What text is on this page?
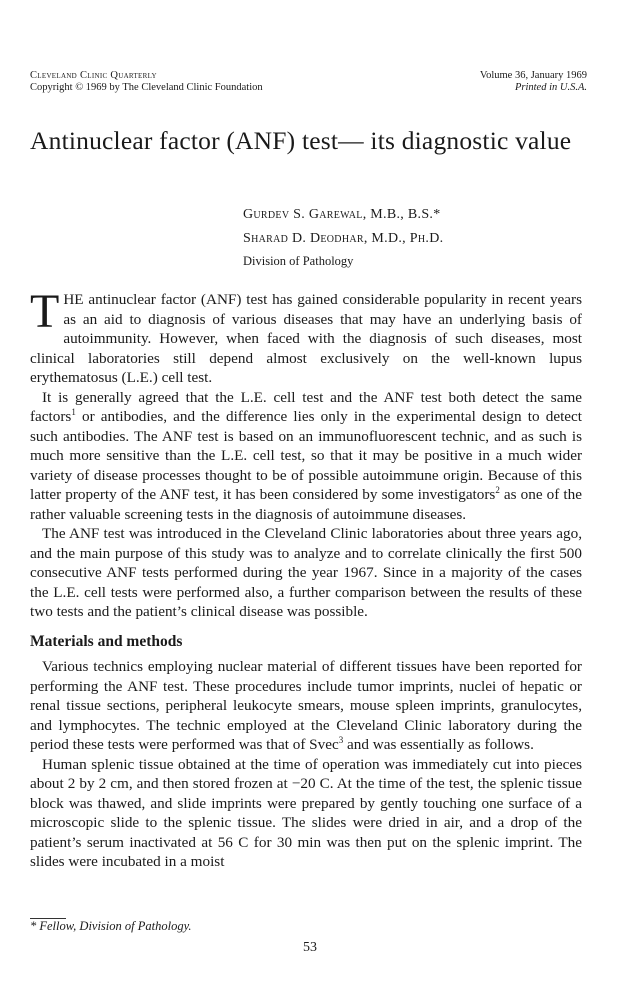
Cleveland Clinic Quarterly
Copyright © 1969 by The Cleveland Clinic Foundation
Volume 36, January 1969
Printed in U.S.A.
Antinuclear factor (ANF) test— its diagnostic value
Gurdev S. Garewal, M.B., B.S.*
Sharad D. Deodhar, M.D., Ph.D.
Division of Pathology

THE antinuclear factor (ANF) test has gained considerable popularity in recent years as an aid to diagnosis of various diseases that may have an underlying basis of autoimmunity. However, when faced with the diagnosis of such diseases, most clinical laboratories still depend almost exclusively on the well-known lupus erythematosus (L.E.) cell test.

It is generally agreed that the L.E. cell test and the ANF test both detect the same factors$^1$ or antibodies, and the difference lies only in the experimental design to detect such antibodies. The ANF test is based on an immunofluorescent technic, and as such is much more sensitive than the L.E. cell test, so that it may be positive in a much wider variety of disease processes thought to be of possible autoimmune origin. Because of this latter property of the ANF test, it has been considered by some investigators$^2$ as one of the rather valuable screening tests in the diagnosis of autoimmune diseases.

The ANF test was introduced in the Cleveland Clinic laboratories about three years ago, and the main purpose of this study was to analyze and to correlate clinically the first 500 consecutive ANF tests performed during the year 1967. Since in a majority of the cases the L.E. cell tests were performed also, a further comparison between the results of these two tests and the patient’s clinical disease was possible.

Materials and methods

Various technics employing nuclear material of different tissues have been reported for performing the ANF test. These procedures include tumor imprints, nuclei of hepatic or renal tissue sections, peripheral leukocyte smears, mouse spleen imprints, granulocytes, and lymphocytes. The technic employed at the Cleveland Clinic laboratory during the period these tests were performed was that of Svec$^3$ and was essentially as follows.

Human splenic tissue obtained at the time of operation was immediately cut into pieces about 2 by 2 cm, and then stored frozen at −20 C. At the time of the test, the splenic tissue block was thawed, and slide imprints were prepared by gently touching one surface of a microscopic slide to the splenic tissue. The slides were dried in air, and a drop of the patient’s serum inactivated at 56 C for 30 min was then put on the splenic imprint. The slides were incubated in a moist

* Fellow, Division of Pathology.
53
